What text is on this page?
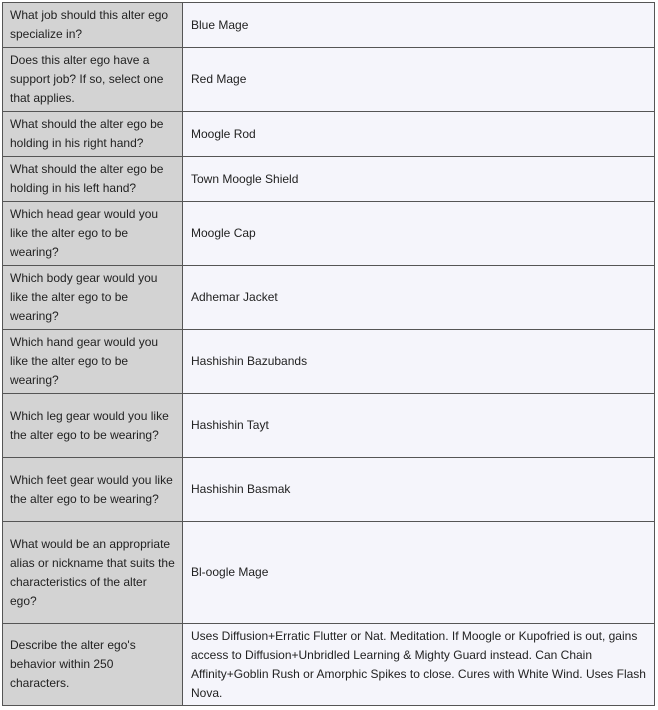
What job should this alter ego specialize in?	Blue Mage
Does this alter ego have a support job? If so, select one that applies.	Red Mage
What should the alter ego be holding in his right hand?	Moogle Rod
What should the alter ego be holding in his left hand?	Town Moogle Shield
Which head gear would you like the alter ego to be wearing?	Moogle Cap
Which body gear would you like the alter ego to be wearing?	Adhemar Jacket
Which hand gear would you like the alter ego to be wearing?	Hashishin Bazubands
Which leg gear would you like the alter ego to be wearing?	Hashishin Tayt
Which feet gear would you like the alter ego to be wearing?	Hashishin Basmak
What would be an appropriate alias or nickname that suits the characteristics of the alter ego?	Bl-oogle Mage
Describe the alter ego's behavior within 250 characters.	Uses Diffusion+Erratic Flutter or Nat. Meditation. If Moogle or Kupofried is out, gains access to Diffusion+Unbridled Learning & Mighty Guard instead. Can Chain Affinity+Goblin Rush or Amorphic Spikes to close. Cures with White Wind. Uses Flash Nova.
